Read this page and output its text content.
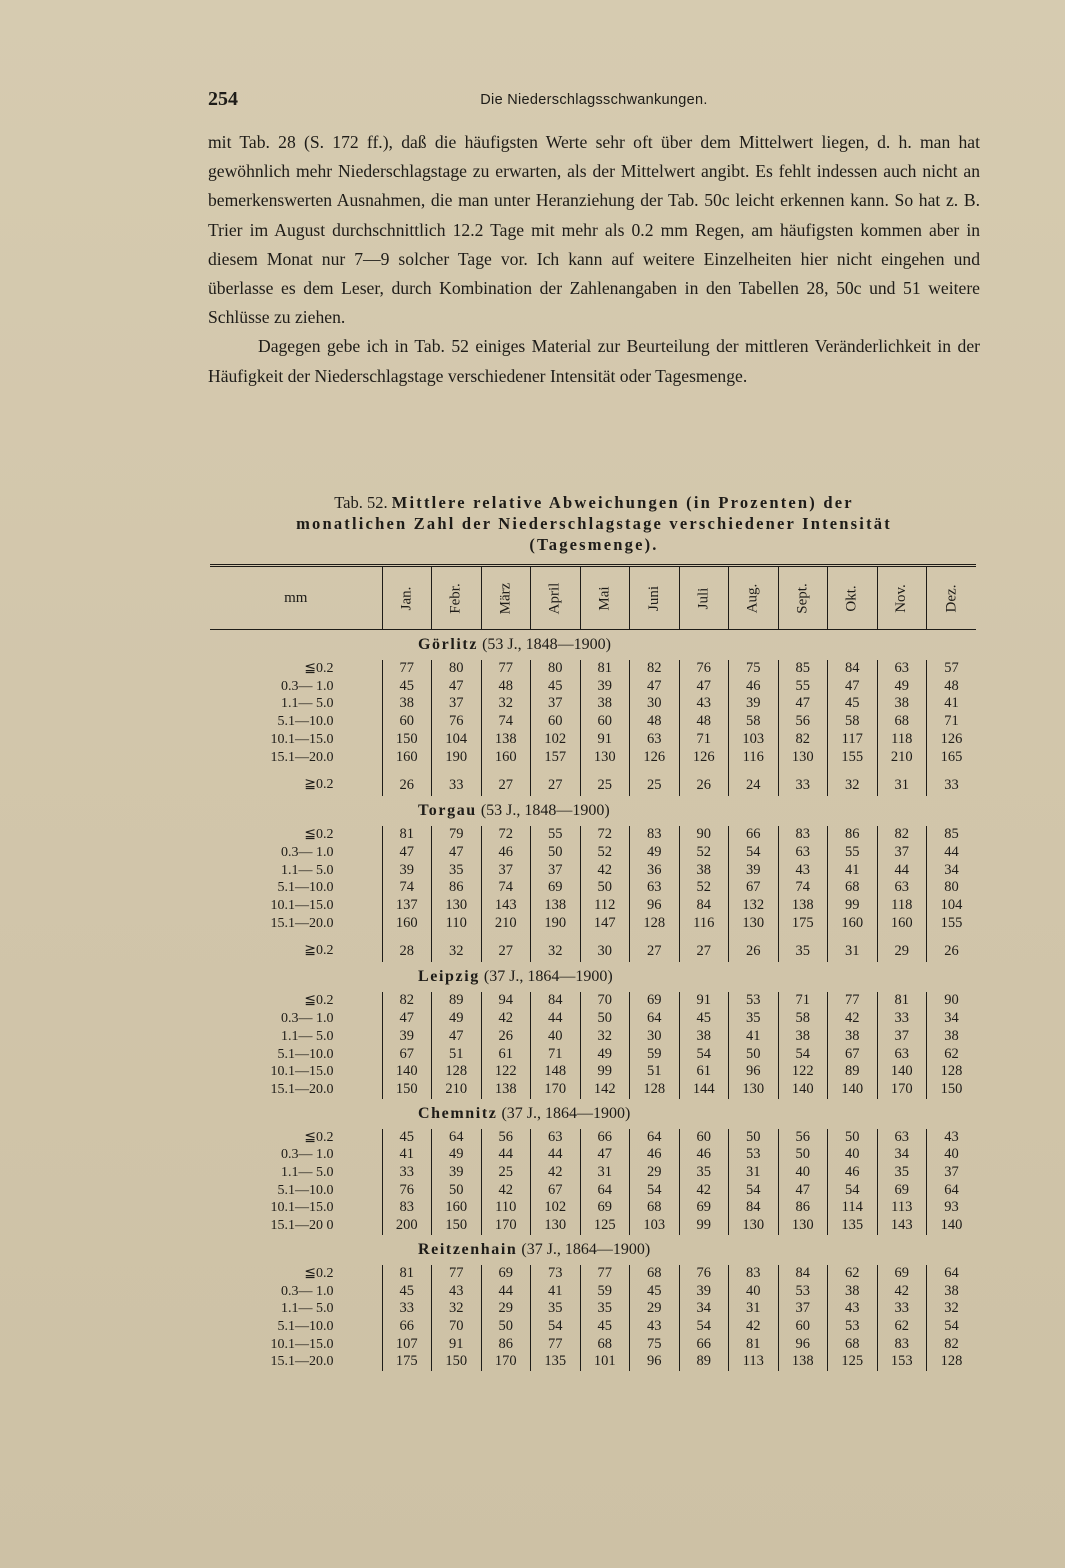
254	Die Niederschlagsschwankungen.

mit Tab. 28 (S. 172 ff.), daß die häufigsten Werte sehr oft über dem Mittelwert liegen, d. h. man hat gewöhnlich mehr Niederschlagstage zu erwarten, als der Mittelwert angibt. Es fehlt indessen auch nicht an bemerkenswerten Ausnahmen, die man unter Heranziehung der Tab. 50c leicht erkennen kann. So hat z. B. Trier im August durchschnittlich 12.2 Tage mit mehr als 0.2 mm Regen, am häufigsten kommen aber in diesem Monat nur 7—9 solcher Tage vor. Ich kann auf weitere Einzelheiten hier nicht eingehen und überlasse es dem Leser, durch Kombination der Zahlenangaben in den Tabellen 28, 50c und 51 weitere Schlüsse zu ziehen.

Dagegen gebe ich in Tab. 52 einiges Material zur Beurteilung der mittleren Veränderlichkeit in der Häufigkeit der Niederschlagstage verschiedener Intensität oder Tagesmenge.

Tab. 52. Mittlere relative Abweichungen (in Prozenten) der
monatlichen Zahl der Niederschlagstage verschiedener Intensität
(Tagesmenge).
mm	Jan.	Febr.	März	April	Mai	Juni	Juli	Aug.	Sept.	Okt.	Nov.	Dez.
	Görlitz (53 J., 1848—1900)											
≦0.2	77	80	77	80	81	82	76	75	85	84	63	57
0.3— 1.0	45	47	48	45	39	47	47	46	55	47	49	48
1.1— 5.0	38	37	32	37	38	30	43	39	47	45	38	41
5.1—10.0	60	76	74	60	60	48	48	58	56	58	68	71
10.1—15.0	150	104	138	102	91	63	71	103	82	117	118	126
15.1—20.0	160	190	160	157	130	126	126	116	130	155	210	165

≧0.2	26	33	27	27	25	25	26	24	33	32	31	33
	Torgau (53 J., 1848—1900)											
≦0.2	81	79	72	55	72	83	90	66	83	86	82	85
0.3— 1.0	47	47	46	50	52	49	52	54	63	55	37	44
1.1— 5.0	39	35	37	37	42	36	38	39	43	41	44	34
5.1—10.0	74	86	74	69	50	63	52	67	74	68	63	80
10.1—15.0	137	130	143	138	112	96	84	132	138	99	118	104
15.1—20.0	160	110	210	190	147	128	116	130	175	160	160	155

≧0.2	28	32	27	32	30	27	27	26	35	31	29	26
	Leipzig (37 J., 1864—1900)											
≦0.2	82	89	94	84	70	69	91	53	71	77	81	90
0.3— 1.0	47	49	42	44	50	64	45	35	58	42	33	34
1.1— 5.0	39	47	26	40	32	30	38	41	38	38	37	38
5.1—10.0	67	51	61	71	49	59	54	50	54	67	63	62
10.1—15.0	140	128	122	148	99	51	61	96	122	89	140	128
15.1—20.0	150	210	138	170	142	128	144	130	140	140	170	150
	Chemnitz (37 J., 1864—1900)											
≦0.2	45	64	56	63	66	64	60	50	56	50	63	43
0.3— 1.0	41	49	44	44	47	46	46	53	50	40	34	40
1.1— 5.0	33	39	25	42	31	29	35	31	40	46	35	37
5.1—10.0	76	50	42	67	64	54	42	54	47	54	69	64
10.1—15.0	83	160	110	102	69	68	69	84	86	114	113	93
15.1—20 0	200	150	170	130	125	103	99	130	130	135	143	140
	Reitzenhain (37 J., 1864—1900)											
≦0.2	81	77	69	73	77	68	76	83	84	62	69	64
0.3— 1.0	45	43	44	41	59	45	39	40	53	38	42	38
1.1— 5.0	33	32	29	35	35	29	34	31	37	43	33	32
5.1—10.0	66	70	50	54	45	43	54	42	60	53	62	54
10.1—15.0	107	91	86	77	68	75	66	81	96	68	83	82
15.1—20.0	175	150	170	135	101	96	89	113	138	125	153	128
